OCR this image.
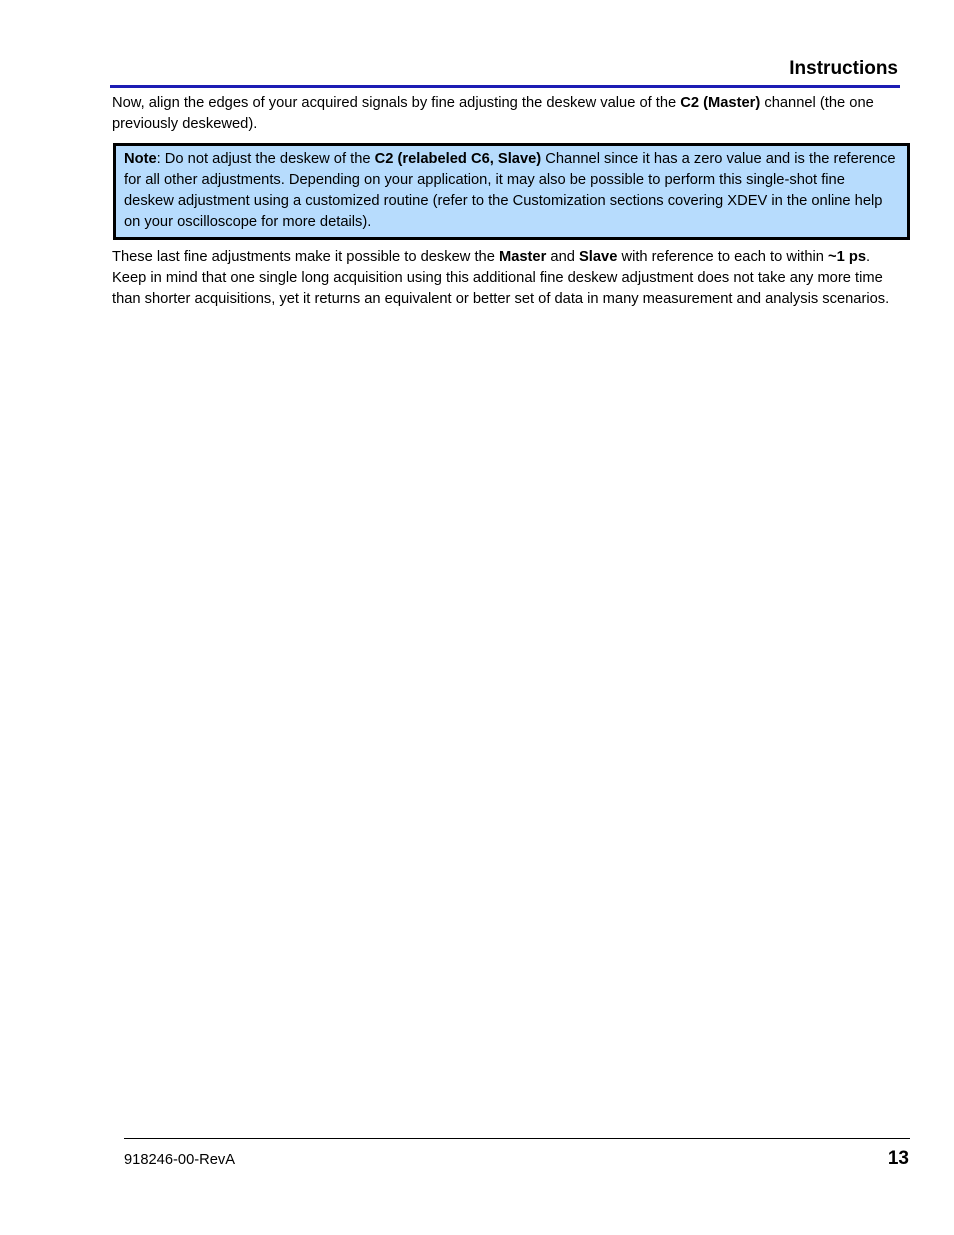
Instructions

Now, align the edges of your acquired signals by fine adjusting the deskew value of the C2 (Master) channel (the one previously deskewed).

Note: Do not adjust the deskew of the C2 (relabeled C6, Slave) Channel since it has a zero value and is the reference for all other adjustments. Depending on your application, it may also be possible to perform this single-shot fine deskew adjustment using a customized routine (refer to the Customization sections covering XDEV in the online help on your oscilloscope for more details).

These last fine adjustments make it possible to deskew the Master and Slave with reference to each to within ~1 ps. Keep in mind that one single long acquisition using this additional fine deskew adjustment does not take any more time than shorter acquisitions, yet it returns an equivalent or better set of data in many measurement and analysis scenarios.

918246-00-RevA	13
